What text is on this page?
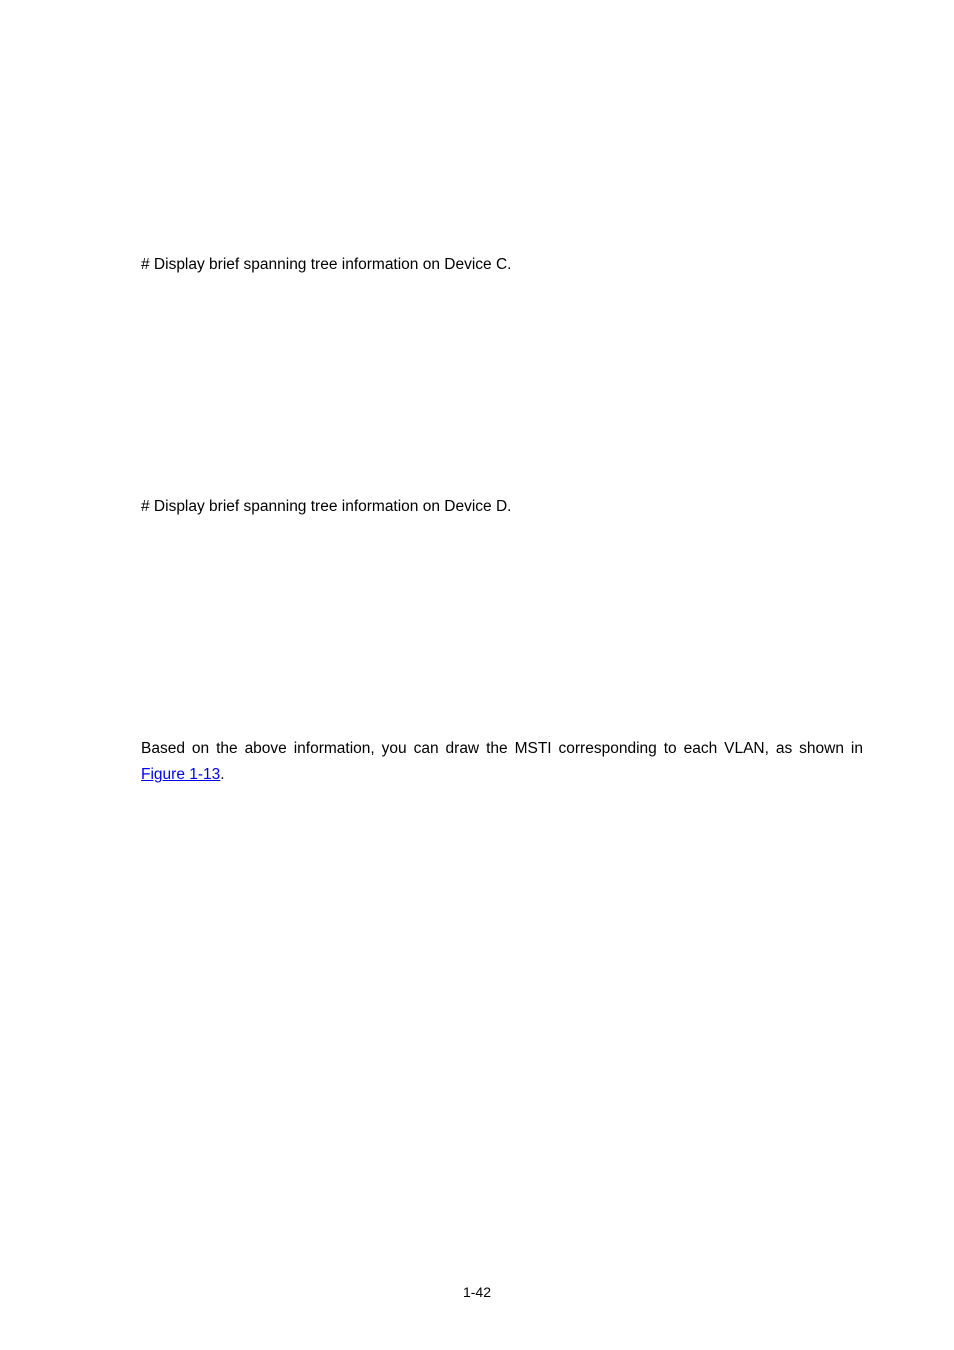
# Display brief spanning tree information on Device C.

# Display brief spanning tree information on Device D.

Based on the above information, you can draw the MSTI corresponding to each VLAN, as shown in Figure 1-13.

1-42
